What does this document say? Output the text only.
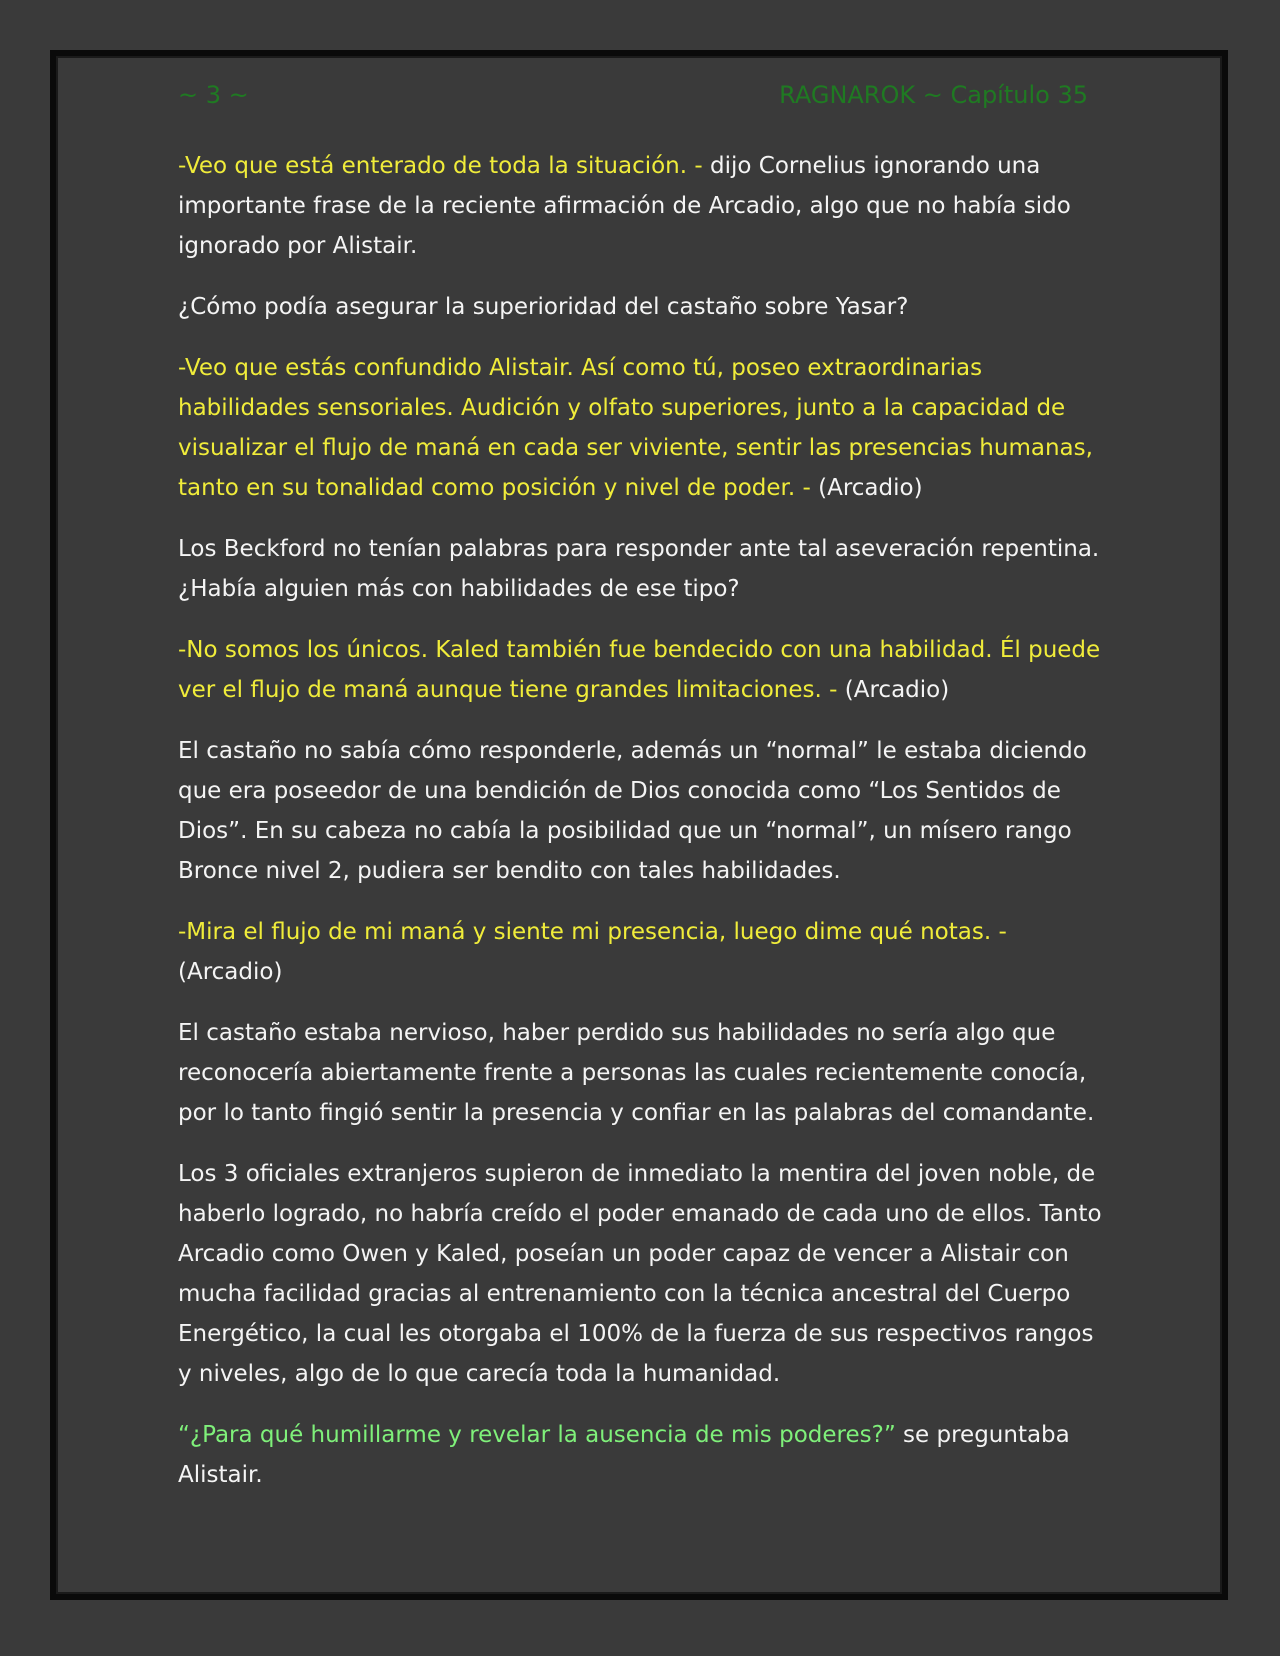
~ 3 ~	RAGNAROK ~ Capítulo 35

-Veo que está enterado de toda la situación. - dijo Cornelius ignorando una importante frase de la reciente afirmación de Arcadio, algo que no había sido ignorado por Alistair.

¿Cómo podía asegurar la superioridad del castaño sobre Yasar?

-Veo que estás confundido Alistair. Así como tú, poseo extraordinarias habilidades sensoriales. Audición y olfato superiores, junto a la capacidad de visualizar el flujo de maná en cada ser viviente, sentir las presencias humanas, tanto en su tonalidad como posición y nivel de poder. - (Arcadio)

Los Beckford no tenían palabras para responder ante tal aseveración repentina. ¿Había alguien más con habilidades de ese tipo?

-No somos los únicos. Kaled también fue bendecido con una habilidad. Él puede ver el flujo de maná aunque tiene grandes limitaciones. - (Arcadio)

El castaño no sabía cómo responderle, además un “normal” le estaba diciendo que era poseedor de una bendición de Dios conocida como “Los Sentidos de Dios”. En su cabeza no cabía la posibilidad que un “normal”, un mísero rango Bronce nivel 2, pudiera ser bendito con tales habilidades.

-Mira el flujo de mi maná y siente mi presencia, luego dime qué notas. - (Arcadio)

El castaño estaba nervioso, haber perdido sus habilidades no sería algo que reconocería abiertamente frente a personas las cuales recientemente conocía, por lo tanto fingió sentir la presencia y confiar en las palabras del comandante.

Los 3 oficiales extranjeros supieron de inmediato la mentira del joven noble, de haberlo logrado, no habría creído el poder emanado de cada uno de ellos. Tanto Arcadio como Owen y Kaled, poseían un poder capaz de vencer a Alistair con mucha facilidad gracias al entrenamiento con la técnica ancestral del Cuerpo Energético, la cual les otorgaba el 100% de la fuerza de sus respectivos rangos y niveles, algo de lo que carecía toda la humanidad.

“¿Para qué humillarme y revelar la ausencia de mis poderes?” se preguntaba Alistair.
